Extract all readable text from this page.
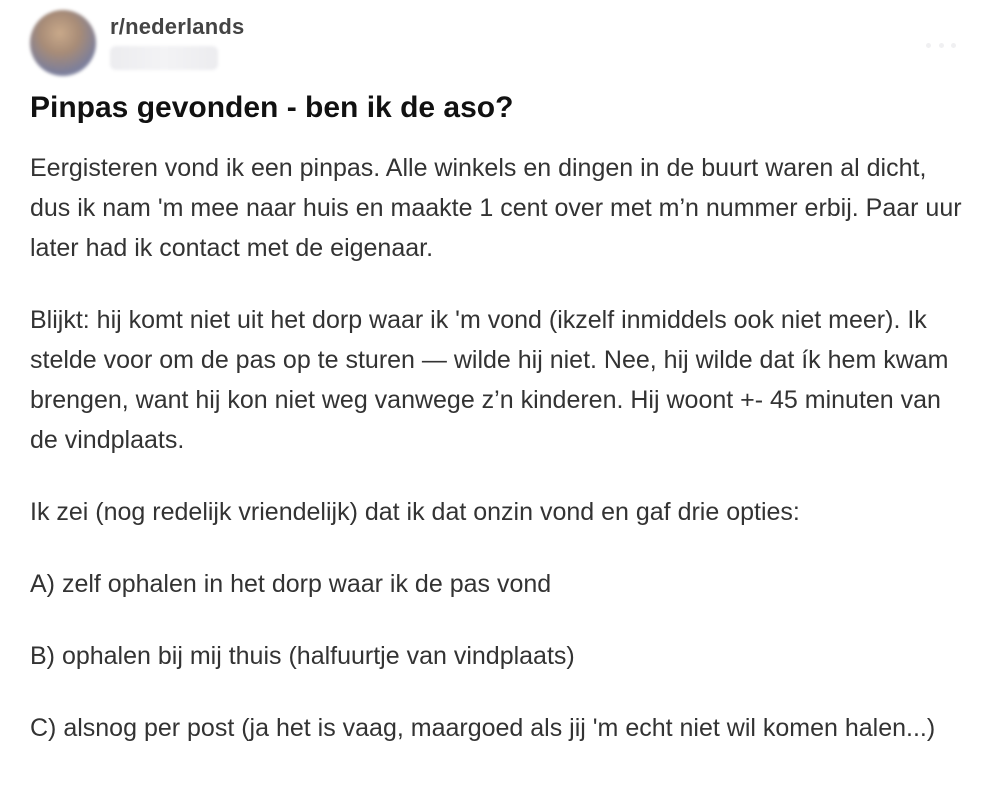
r/nederlands
Pinpas gevonden - ben ik de aso?

Eergisteren vond ik een pinpas. Alle winkels en dingen in de buurt waren al dicht, dus ik nam 'm mee naar huis en maakte 1 cent over met m’n nummer erbij. Paar uur later had ik contact met de eigenaar.

Blijkt: hij komt niet uit het dorp waar ik 'm vond (ikzelf inmiddels ook niet meer). Ik stelde voor om de pas op te sturen — wilde hij niet. Nee, hij wilde dat ík hem kwam brengen, want hij kon niet weg vanwege z’n kinderen. Hij woont +- 45 minuten van de vindplaats.

Ik zei (nog redelijk vriendelijk) dat ik dat onzin vond en gaf drie opties:

A) zelf ophalen in het dorp waar ik de pas vond

B) ophalen bij mij thuis (halfuurtje van vindplaats)

C) alsnog per post (ja het is vaag, maargoed als jij 'm echt niet wil komen halen...)
